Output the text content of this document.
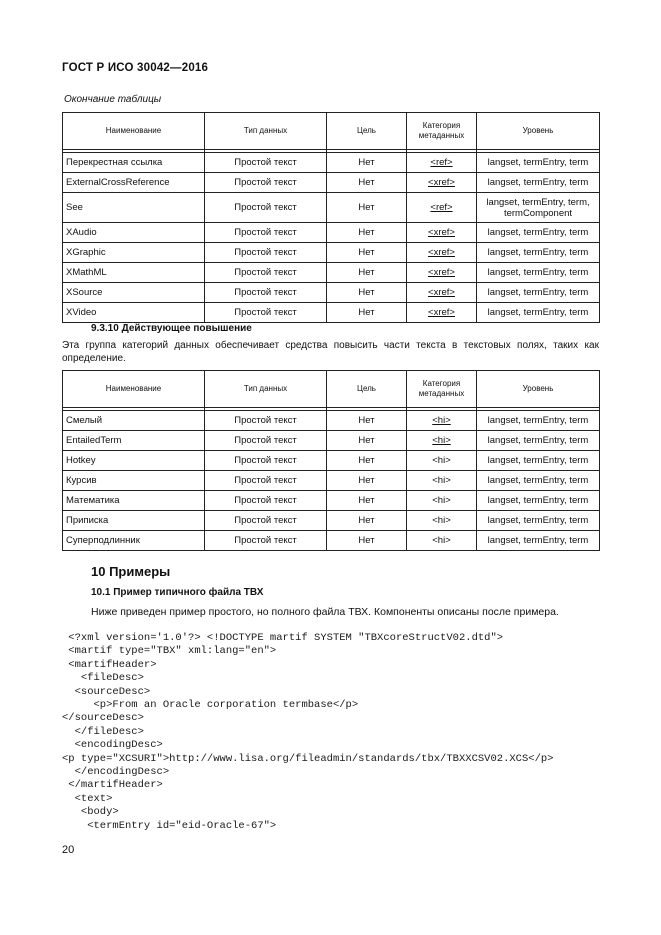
ГОСТ Р ИСО 30042—2016
Окончание таблицы
Наименование	Тип данных	Цель	Категория метаданных	Уровень

Перекрестная ссылка	Простой текст	Нет	<ref>	langset, termEntry, term
ExternalCrossReference	Простой текст	Нет	<xref>	langset, termEntry, term
See	Простой текст	Нет	<ref>	langset, termEntry, term, termComponent
XAudio	Простой текст	Нет	<xref>	langset, termEntry, term
XGraphic	Простой текст	Нет	<xref>	langset, termEntry, term
XMathML	Простой текст	Нет	<xref>	langset, termEntry, term
XSource	Простой текст	Нет	<xref>	langset, termEntry, term
XVideo	Простой текст	Нет	<xref>	langset, termEntry, term
9.3.10 Действующее повышение
Эта группа категорий данных обеспечивает средства повысить части текста в текстовых полях, таких как определение.
Наименование	Тип данных	Цель	Категория метаданных	Уровень

Смелый	Простой текст	Нет	<hi>	langset, termEntry, term
EntailedTerm	Простой текст	Нет	<hi>	langset, termEntry, term
Hotkey	Простой текст	Нет	<hi>	langset, termEntry, term
Курсив	Простой текст	Нет	<hi>	langset, termEntry, term
Математика	Простой текст	Нет	<hi>	langset, termEntry, term
Приписка	Простой текст	Нет	<hi>	langset, termEntry, term
Суперподлинник	Простой текст	Нет	<hi>	langset, termEntry, term
10 Примеры
10.1 Пример типичного файла ТВХ
Ниже приведен пример простого, но полного файла ТВХ. Компоненты описаны после примера.
<?xml version='1.0'?> <!DOCTYPE martif SYSTEM "TBXcoreStructV02.dtd">
<martif type="TBX" xml:lang="en">
<martifHeader>
<fileDesc>
<sourceDesc>
<p>From an Oracle corporation termbase</p>
</sourceDesc>
</fileDesc>
<encodingDesc>
<p type="XCSURI">http://www.lisa.org/fileadmin/standards/tbx/TBXXCSV02.XCS</p>
</encodingDesc>
</martifHeader>
<text>
<body>
<termEntry id="eid-Oracle-67">
20
